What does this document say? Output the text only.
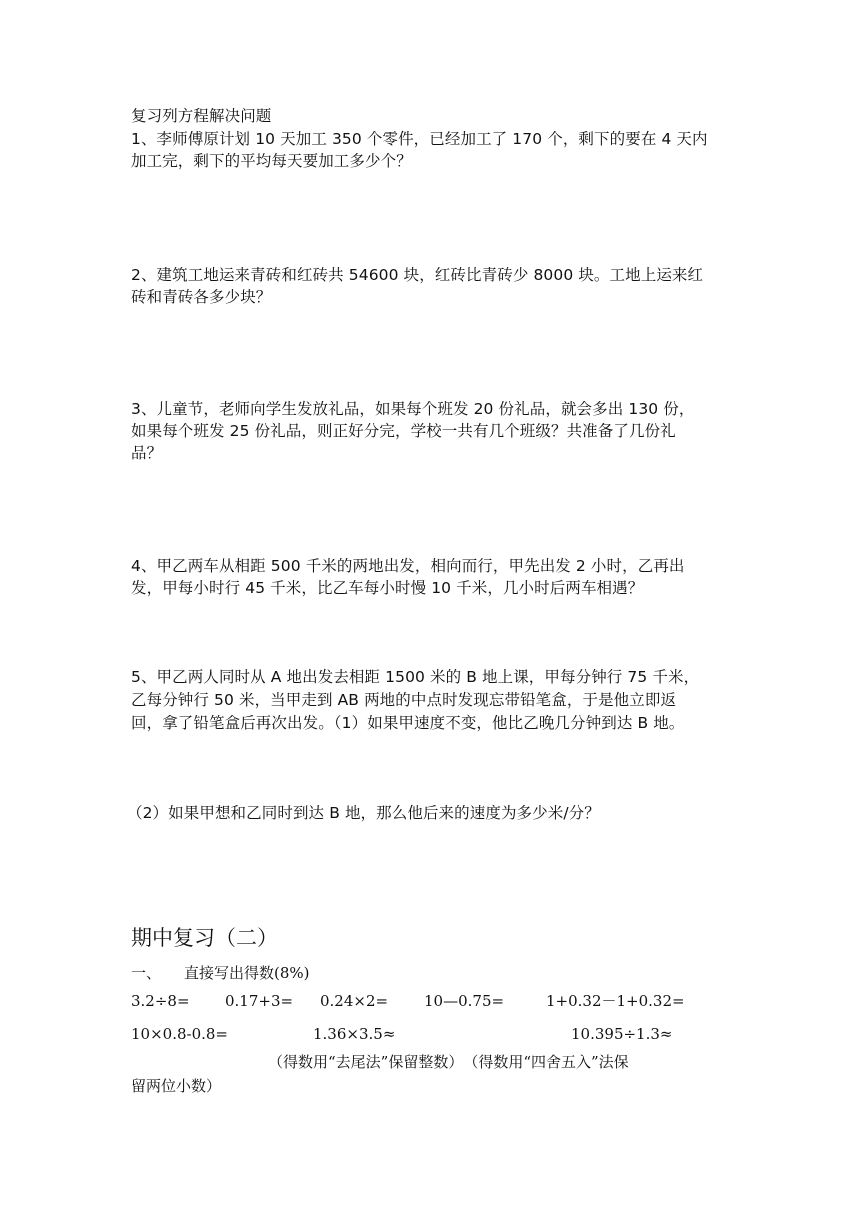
复习列方程解决问题
1、李师傅原计划 10 天加工 350 个零件，已经加工了 170 个，剩下的要在 4 天内
加工完，剩下的平均每天要加工多少个？
2、建筑工地运来青砖和红砖共 54600 块，红砖比青砖少 8000 块。工地上运来红
砖和青砖各多少块？
3、儿童节，老师向学生发放礼品，如果每个班发 20 份礼品，就会多出 130 份，
如果每个班发 25 份礼品，则正好分完，学校一共有几个班级？共准备了几份礼
品？
4、甲乙两车从相距 500 千米的两地出发，相向而行，甲先出发 2 小时，乙再出
发，甲每小时行 45 千米，比乙车每小时慢 10 千米，几小时后两车相遇？
5、甲乙两人同时从 A 地出发去相距 1500 米的 B 地上课，甲每分钟行 75 千米，
乙每分钟行 50 米，当甲走到 AB 两地的中点时发现忘带铅笔盒，于是他立即返
回，拿了铅笔盒后再次出发。（1）如果甲速度不变，他比乙晚几分钟到达 B 地。
（2）如果甲想和乙同时到达 B 地，那么他后来的速度为多少米/分？
期中复习（二）
一、 直接写出得数(8%)
3.2÷8= 0.17+3= 0.24×2= 10—0.75=	1+0.32－1+0.32=
10×0.8-0.8=	1.36×3.5≈	10.395÷1.3≈
（得数用“去尾法”保留整数）　（得数用“四舍五入”法保
留两位小数）
